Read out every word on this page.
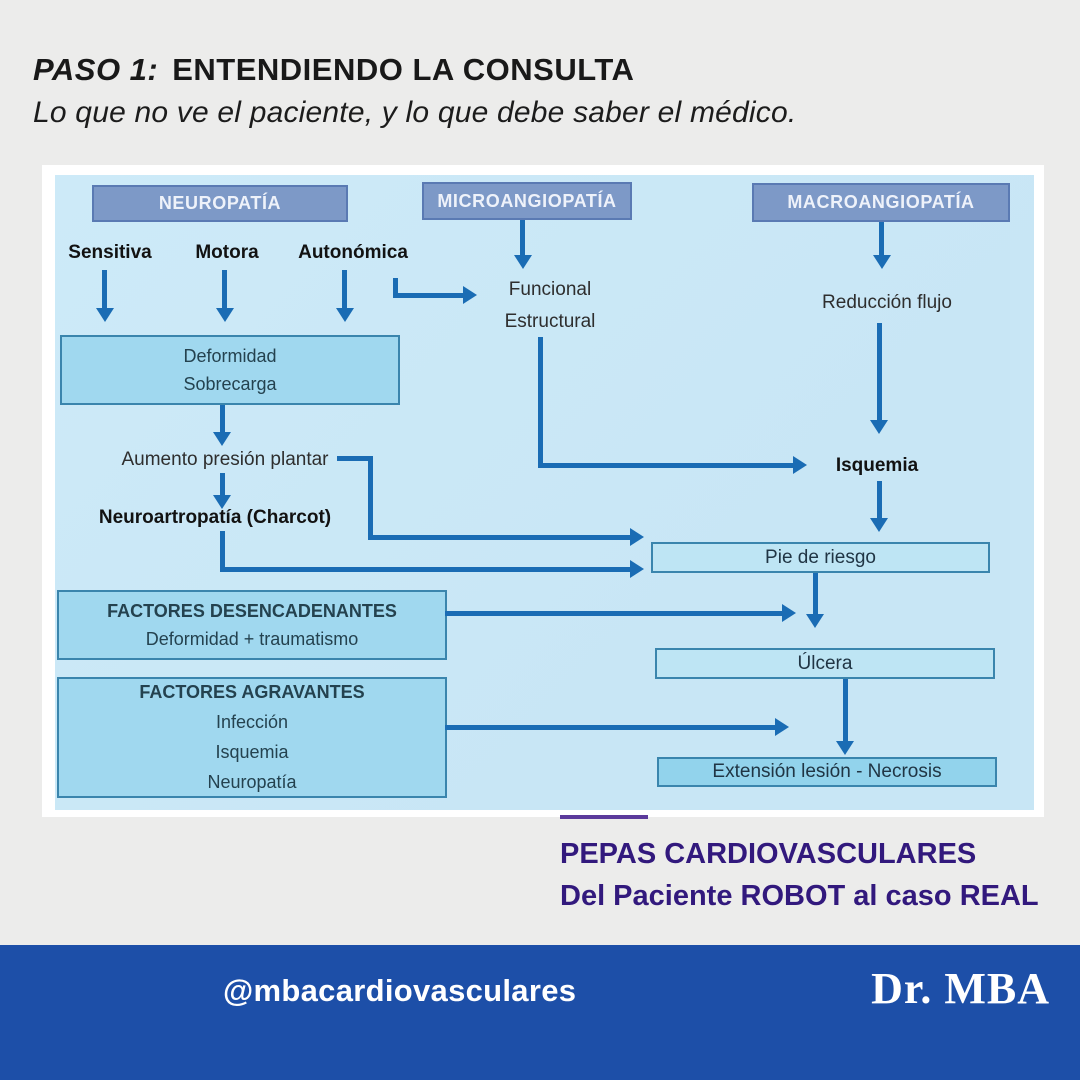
PASO 1: ENTENDIENDO LA CONSULTA
Lo que no ve el paciente, y lo que debe saber el médico.
NEUROPATÍA	MICROANGIOPATÍA	MACROANGIOPATÍA
Sensitiva Motora Autonómica
Funcional
Estructural
Reducción flujo
Isquemia
Deformidad
Sobrecarga
Aumento presión plantar
Neuroartropatía (Charcot)
Pie de riesgo
FACTORES DESENCADENANTES
Deformidad + traumatismo
Úlcera
FACTORES AGRAVANTES
Infección
Isquemia
Neuropatía	Extensión lesión - Necrosis
PEPAS CARDIOVASCULARES
Del Paciente ROBOT al caso REAL
@mbacardiovasculares	Dr. MBA
